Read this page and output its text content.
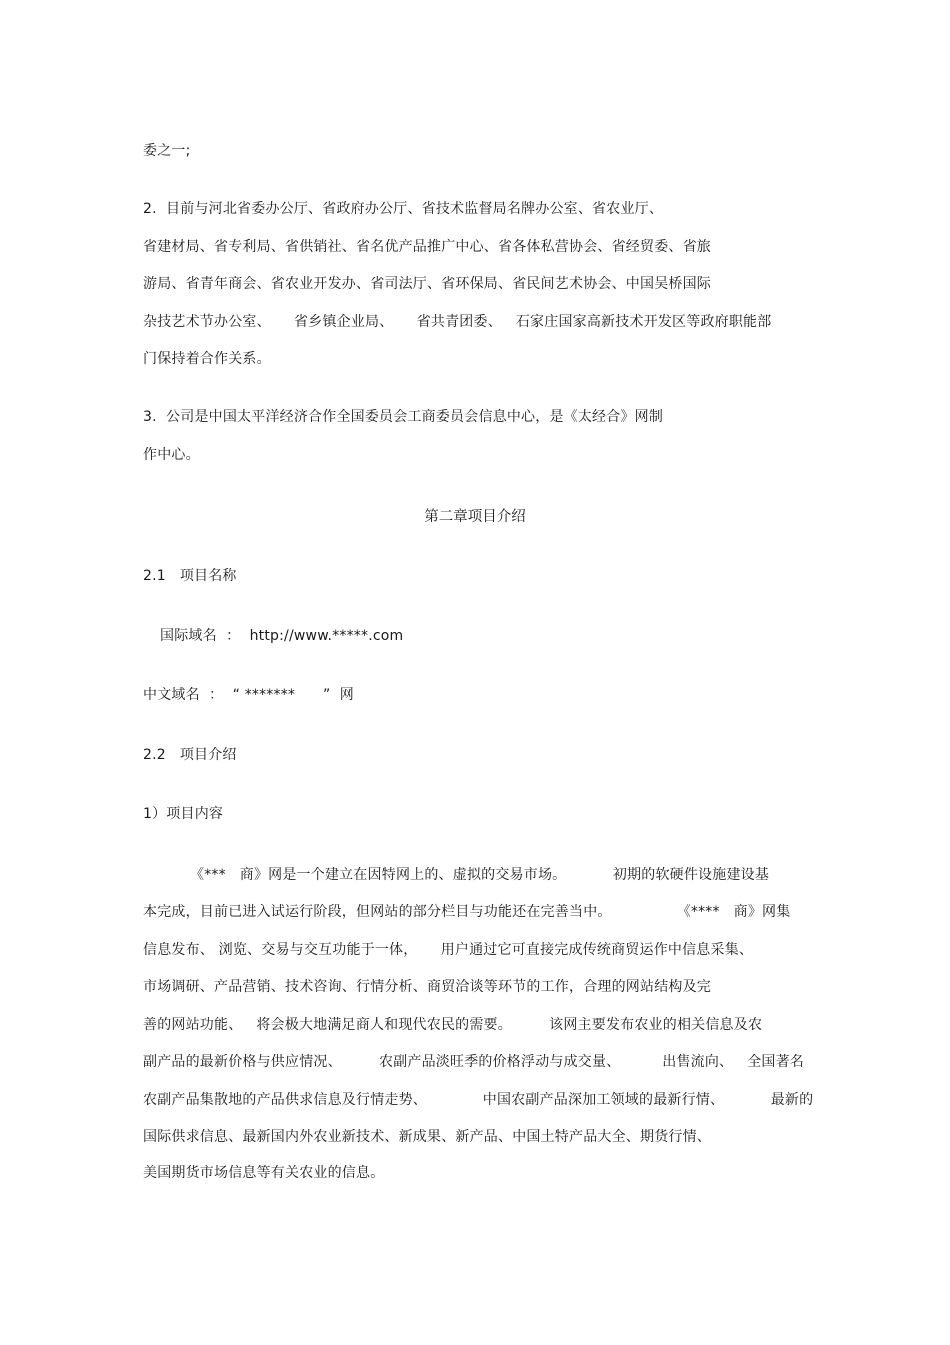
委之一;
2.  目前与河北省委办公厅、省政府办公厅、省技术监督局名牌办公室、省农业厅、
省建材局、省专利局、省供销社、省名优产品推广中心、省各体私营协会、省经贸委、省旅
游局、省青年商会、省农业开发办、省司法厅、省环保局、省民间艺术协会、中国吴桥国际
杂技艺术节办公室、     省乡镇企业局、     省共青团委、   石家庄国家高新技术开发区等政府职能部
门保持着合作关系。
3.  公司是中国太平洋经济合作全国委员会工商委员会信息中心，是《太经合》网制
作中心。
第二章项目介绍
2.1   项目名称
国际域名  ：  http://www.*****.com
中文域名  ：  “ *******      ”  网
2.2   项目介绍
1）项目内容
《***   商》网是一个建立在因特网上的、虚拟的交易市场。          初期的软硬件设施建设基
本完成，目前已进入试运行阶段，但网站的部分栏目与功能还在完善当中。              《****   商》网集
信息发布、 浏览、交易与交互功能于一体，     用户通过它可直接完成传统商贸运作中信息采集、
市场调研、产品营销、技术咨询、行情分析、商贸洽谈等环节的工作，合理的网站结构及完
善的网站功能、   将会极大地满足商人和现代农民的需要。        该网主要发布农业的相关信息及农
副产品的最新价格与供应情况、        农副产品淡旺季的价格浮动与成交量、         出售流向、   全国著名
农副产品集散地的产品供求信息及行情走势、            中国农副产品深加工领域的最新行情、          最新的
国际供求信息、最新国内外农业新技术、新成果、新产品、中国土特产品大全、期货行情、
美国期货市场信息等有关农业的信息。
